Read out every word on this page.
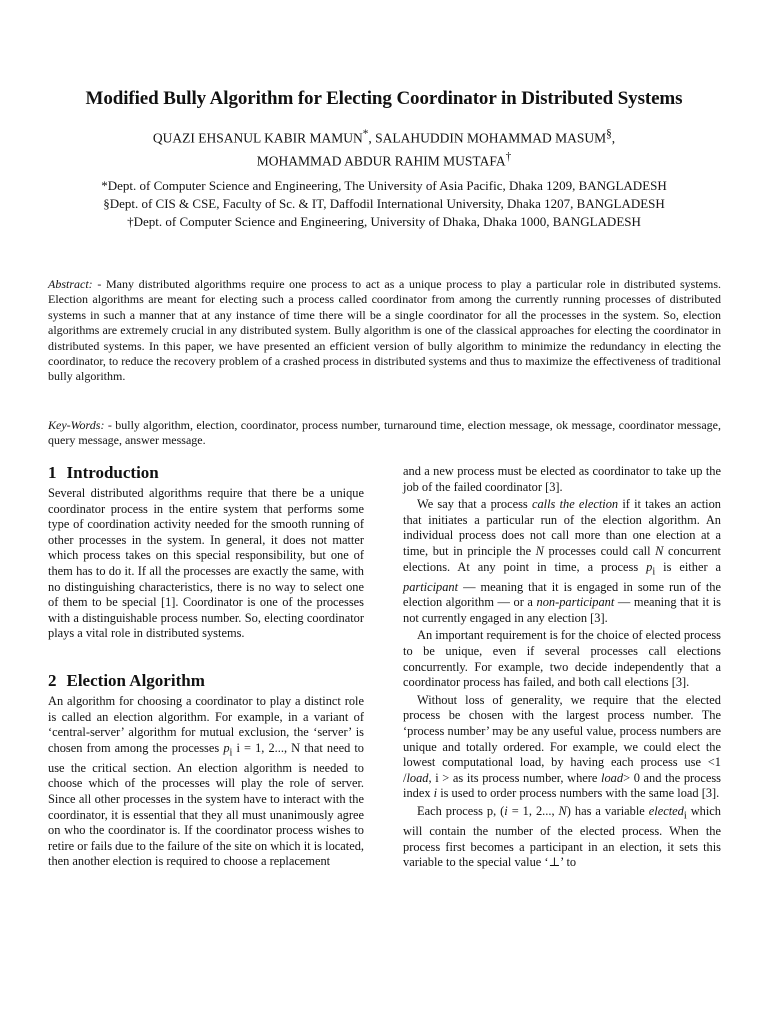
Modified Bully Algorithm for Electing Coordinator in Distributed Systems
QUAZI EHSANUL KABIR MAMUN*, SALAHUDDIN MOHAMMAD MASUM§,
MOHAMMAD ABDUR RAHIM MUSTAFA†
*Dept. of Computer Science and Engineering, The University of Asia Pacific, Dhaka 1209, BANGLADESH
§Dept. of CIS & CSE, Faculty of Sc. & IT, Daffodil International University, Dhaka 1207, BANGLADESH
†Dept. of Computer Science and Engineering, University of Dhaka, Dhaka 1000, BANGLADESH
Abstract: - Many distributed algorithms require one process to act as a unique process to play a particular role in distributed systems. Election algorithms are meant for electing such a process called coordinator from among the currently running processes of distributed systems in such a manner that at any instance of time there will be a single coordinator for all the processes in the system. So, election algorithms are extremely crucial in any distributed system. Bully algorithm is one of the classical approaches for electing the coordinator in distributed systems. In this paper, we have presented an efficient version of bully algorithm to minimize the redundancy in electing the coordinator, to reduce the recovery problem of a crashed process in distributed systems and thus to maximize the effectiveness of traditional bully algorithm.
Key-Words: - bully algorithm, election, coordinator, process number, turnaround time, election message, ok message, coordinator message, query message, answer message.
1 Introduction

Several distributed algorithms require that there be a unique coordinator process in the entire system that performs some type of coordination activity needed for the smooth running of other processes in the system. In general, it does not matter which process takes on this special responsibility, but one of them has to do it. If all the processes are exactly the same, with no distinguishing characteristics, there is no way to select one of them to be special [1]. Coordinator is one of the processes with a distinguishable process number. So, electing coordinator plays a vital role in distributed systems.

2 Election Algorithm

An algorithm for choosing a coordinator to play a distinct role is called an election algorithm. For example, in a variant of ‘central-server’ algorithm for mutual exclusion, the ‘server’ is chosen from among the processes $p_i$ i = 1, 2..., N that need to use the critical section. An election algorithm is needed to choose which of the processes will play the role of server. Since all other processes in the system have to interact with the coordinator, it is essential that they all must unanimously agree on who the coordinator is. If the coordinator process wishes to retire or fails due to the failure of the site on which it is located, then another election is required to choose a replacement

and a new process must be elected as coordinator to take up the job of the failed coordinator [3].

We say that a process calls the election if it takes an action that initiates a particular run of the election algorithm. An individual process does not call more than one election at a time, but in principle the N processes could call N concurrent elections. At any point in time, a process $p_i$ is either a participant — meaning that it is engaged in some run of the election algorithm — or a non-participant — meaning that it is not currently engaged in any election [3].

An important requirement is for the choice of elected process to be unique, even if several processes call elections concurrently. For example, two decide independently that a coordinator process has failed, and both call elections [3].

Without loss of generality, we require that the elected process be chosen with the largest process number. The ‘process number’ may be any useful value, process numbers are unique and totally ordered. For example, we could elect the lowest computational load, by having each process use <1 /load, i > as its process number, where load> 0 and the process index i is used to order process numbers with the same load [3].

Each process p, (i = 1, 2..., N) has a variable elected$_i$ which will contain the number of the elected process. When the process first becomes a participant in an election, it sets this variable to the special value ‘⊥’ to
